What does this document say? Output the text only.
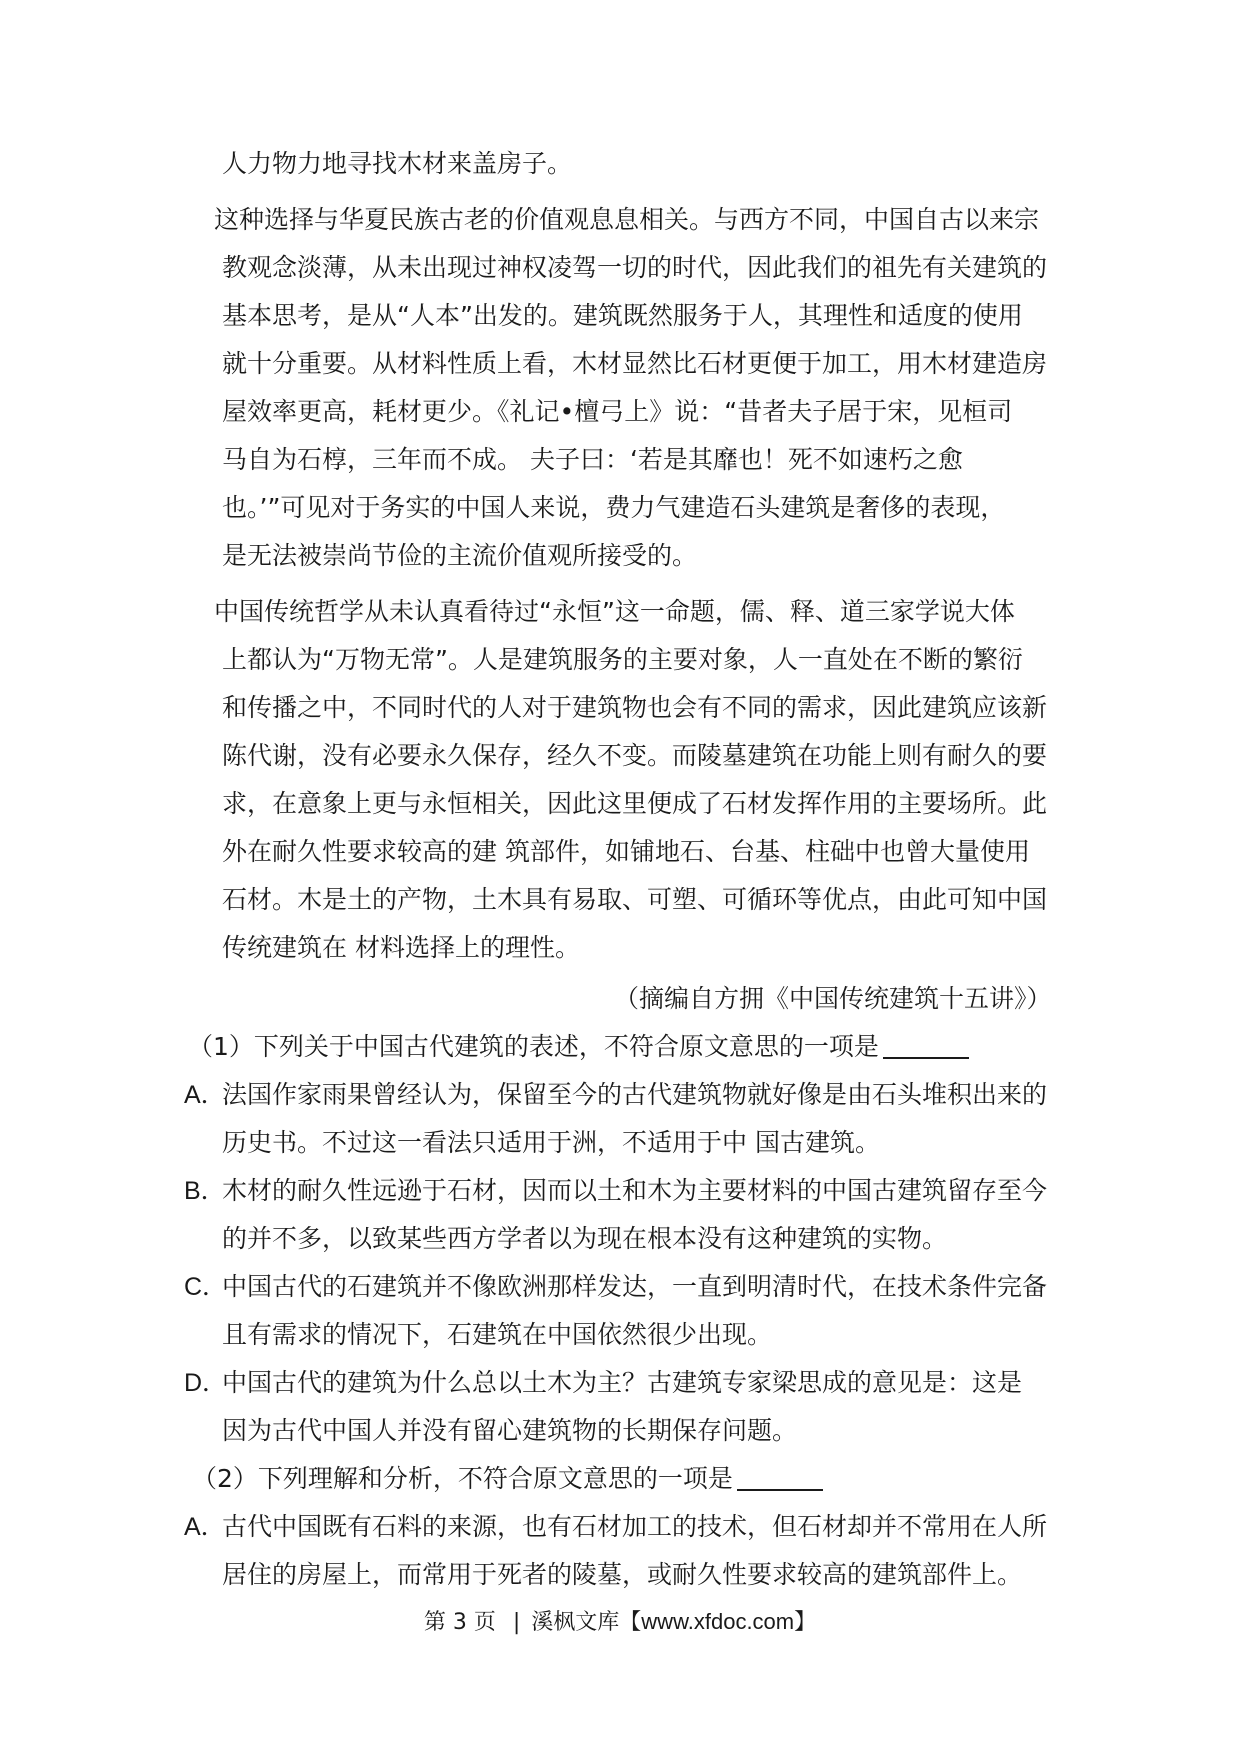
人力物力地寻找木材来盖房子。
这种选择与华夏民族古老的价值观息息相关。与西方不同，中国自古以来宗
教观念淡薄，从未出现过神权凌驾一切的时代，因此我们的祖先有关建筑的
基本思考，是从“人本”出发的。建筑既然服务于人，其理性和适度的使用
就十分重要。从材料性质上看，木材显然比石材更便于加工，用木材建造房
屋效率更高，耗材更少。《礼记•檀弓上》说：“昔者夫子居于宋，见桓司
马自为石椁，三年而不成。 夫子曰：‘若是其靡也！死不如速朽之愈
也。’”可见对于务实的中国人来说，费力气建造石头建筑是奢侈的表现，
是无法被崇尚节俭的主流价值观所接受的。
中国传统哲学从未认真看待过“永恒”这一命题，儒、释、道三家学说大体
上都认为“万物无常”。人是建筑服务的主要对象，人一直处在不断的繁衍
和传播之中，不同时代的人对于建筑物也会有不同的需求，因此建筑应该新
陈代谢，没有必要永久保存，经久不变。而陵墓建筑在功能上则有耐久的要
求，在意象上更与永恒相关，因此这里便成了石材发挥作用的主要场所。此
外在耐久性要求较高的建 筑部件，如铺地石、台基、柱础中也曾大量使用
石材。木是土的产物，土木具有易取、可塑、可循环等优点，由此可知中国
传统建筑在 材料选择上的理性。
（摘编自方拥《中国传统建筑十五讲》）
（1）下列关于中国古代建筑的表述，不符合原文意思的一项是
A．
法国作家雨果曾经认为，保留至今的古代建筑物就好像是由石头堆积出来的
历史书。不过这一看法只适用于洲，不适用于中 国古建筑。
B．
木材的耐久性远逊于石材，因而以土和木为主要材料的中国古建筑留存至今
的并不多，以致某些西方学者以为现在根本没有这种建筑的实物。
C．
中国古代的石建筑并不像欧洲那样发达，一直到明清时代，在技术条件完备
且有需求的情况下，石建筑在中国依然很少出现。
D．
中国古代的建筑为什么总以土木为主？古建筑专家梁思成的意见是：这是
因为古代中国人并没有留心建筑物的长期保存问题。
（2）下列理解和分析，不符合原文意思的一项是
A．
古代中国既有石料的来源，也有石材加工的技术，但石材却并不常用在人所
居住的房屋上，而常用于死者的陵墓，或耐久性要求较高的建筑部件上。
第 3 页 | 溪枫文库【www.xfdoc.com】
